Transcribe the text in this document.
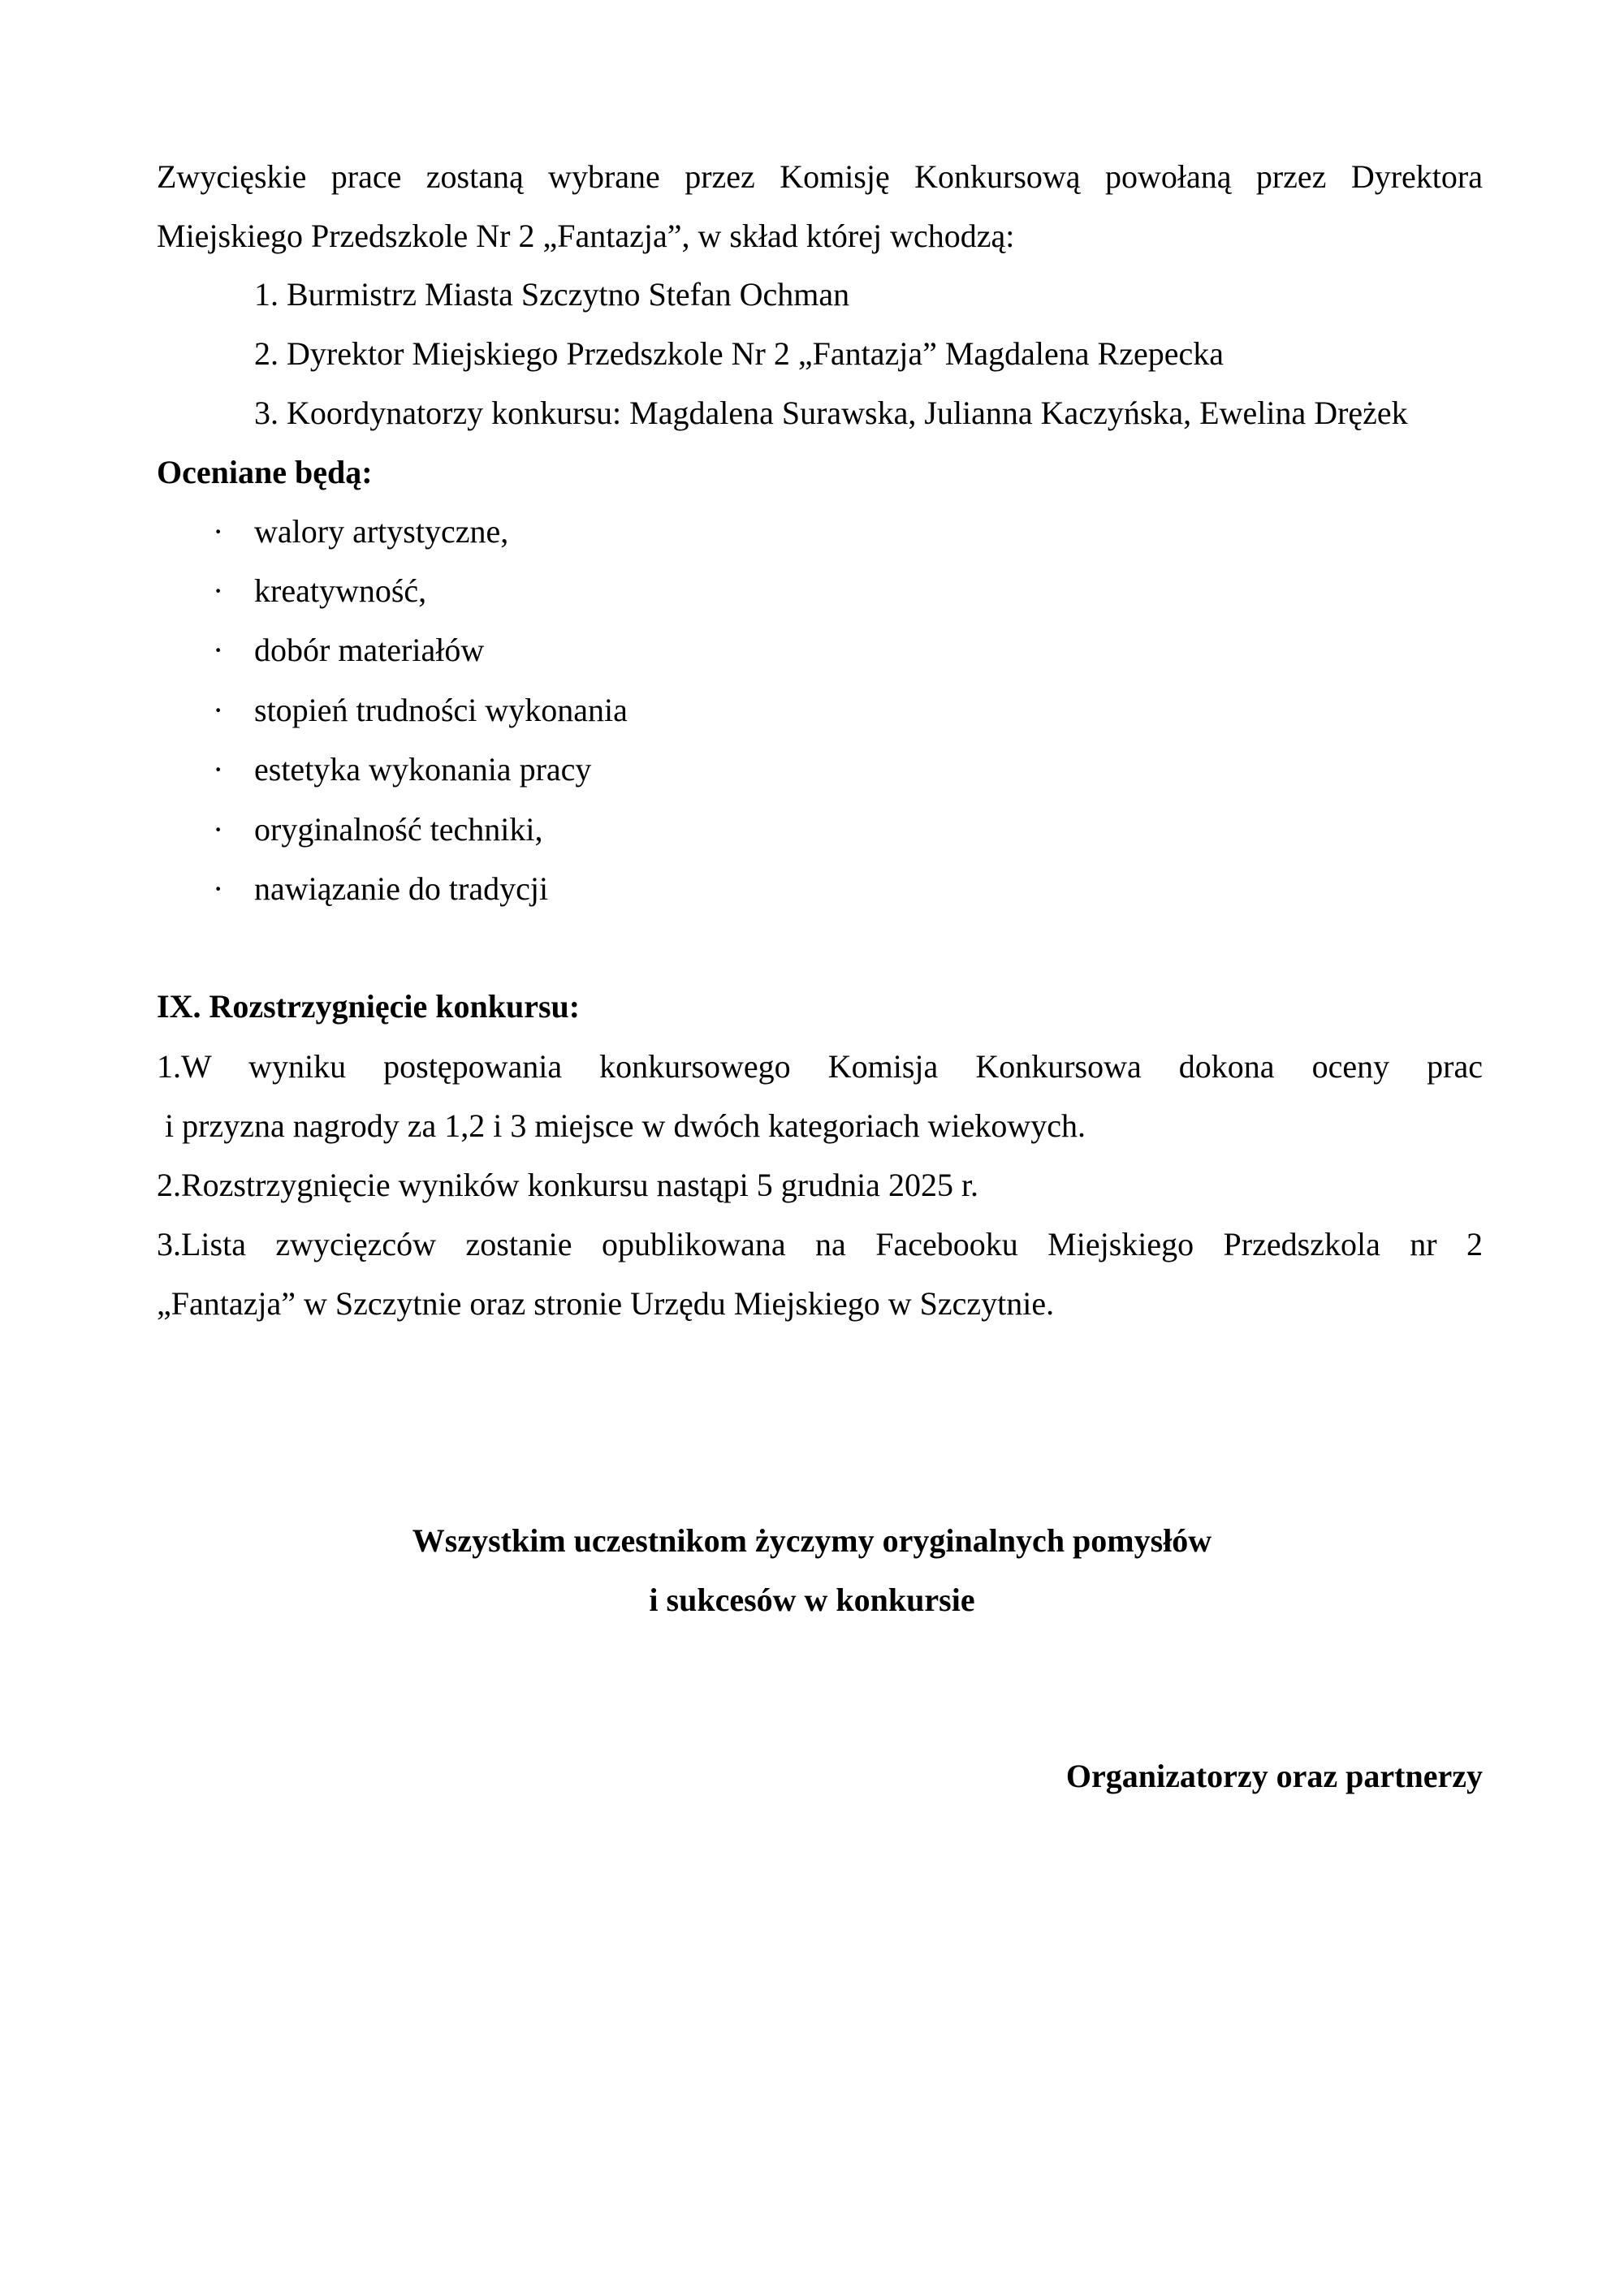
Zwycięskie prace zostaną wybrane przez Komisję Konkursową powołaną przez Dyrektora
Miejskiego Przedszkole Nr 2 „Fantazja”, w skład której wchodzą:
1. Burmistrz Miasta Szczytno Stefan Ochman
2. Dyrektor Miejskiego Przedszkole Nr 2 „Fantazja” Magdalena Rzepecka
3. Koordynatorzy konkursu: Magdalena Surawska, Julianna Kaczyńska, Ewelina Drężek
Oceniane będą:
· walory artystyczne,
· kreatywność,
· dobór materiałów
· stopień trudności wykonania
· estetyka wykonania pracy
· oryginalność techniki,
· nawiązanie do tradycji
IX. Rozstrzygnięcie konkursu:
1.W wyniku postępowania konkursowego Komisja Konkursowa dokona oceny prac
i przyzna nagrody za 1,2 i 3 miejsce w dwóch kategoriach wiekowych.
2.Rozstrzygnięcie wyników konkursu nastąpi 5 grudnia 2025 r.
3.Lista zwycięzców zostanie opublikowana na Facebooku Miejskiego Przedszkola nr 2
„Fantazja” w Szczytnie oraz stronie Urzędu Miejskiego w Szczytnie.
Wszystkim uczestnikom życzymy oryginalnych pomysłów
i sukcesów w konkursie
Organizatorzy oraz partnerzy
